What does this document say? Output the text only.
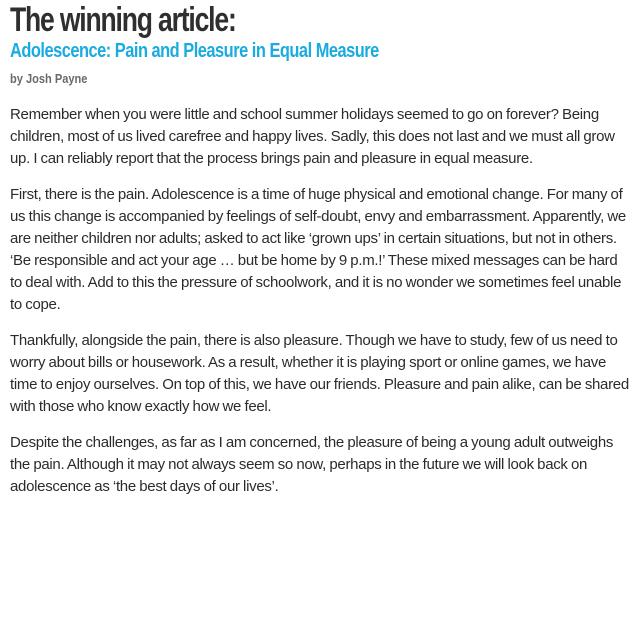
The winning article:
Adolescence: Pain and Pleasure in Equal Measure

by Josh Payne

Remember when you were little and school summer holidays seemed to go on forever? Being children, most of us lived carefree and happy lives. Sadly, this does not last and we must all grow up. I can reliably report that the process brings pain and pleasure in equal measure.

First, there is the pain. Adolescence is a time of huge physical and emotional change. For many of us this change is accompanied by feelings of self-doubt, envy and embarrassment. Apparently, we are neither children nor adults; asked to act like ‘grown ups’ in certain situations, but not in others. ‘Be responsible and act your age … but be home by 9 p.m.!’ These mixed messages can be hard to deal with. Add to this the pressure of schoolwork, and it is no wonder we sometimes feel unable to cope.

Thankfully, alongside the pain, there is also pleasure. Though we have to study, few of us need to worry about bills or housework. As a result, whether it is playing sport or online games, we have time to enjoy ourselves. On top of this, we have our friends. Pleasure and pain alike, can be shared with those who know exactly how we feel.

Despite the challenges, as far as I am concerned, the pleasure of being a young adult outweighs the pain. Although it may not always seem so now, perhaps in the future we will look back on adolescence as ‘the best days of our lives’.
